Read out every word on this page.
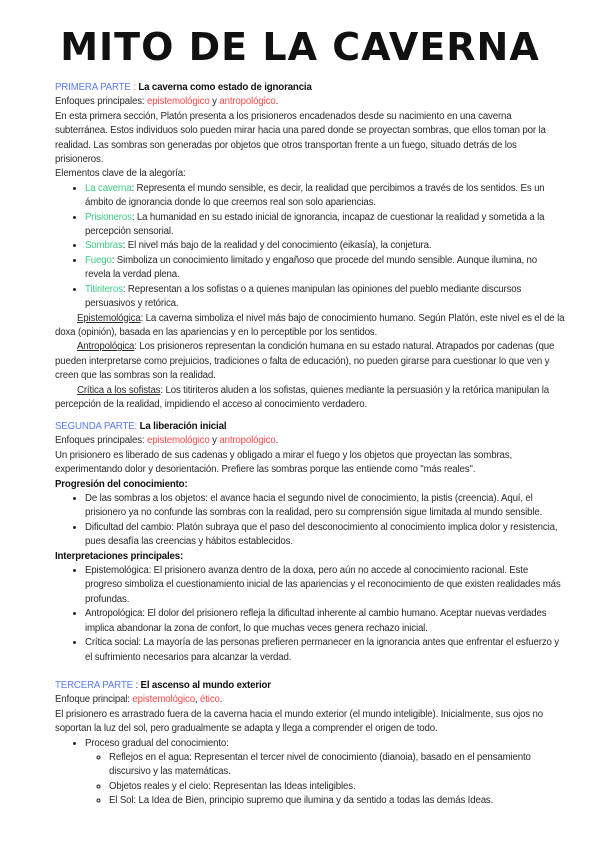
MITO DE LA CAVERNA

PRIMERA PARTE : La caverna como estado de ignorancia

Enfoques principales: epistemológico y antropológico.

En esta primera sección, Platón presenta a los prisioneros encadenados desde su nacimiento en una caverna subterránea. Estos individuos solo pueden mirar hacia una pared donde se proyectan sombras, que ellos toman por la realidad. Las sombras son generadas por objetos que otros transportan frente a un fuego, situado detrás de los prisioneros.

Elementos clave de la alegoría:

• La caverna: Representa el mundo sensible, es decir, la realidad que percibimos a través de los sentidos. Es un ámbito de ignorancia donde lo que creemos real son solo apariencias.
• Prisioneros: La humanidad en su estado inicial de ignorancia, incapaz de cuestionar la realidad y sometida a la percepción sensorial.
• Sombras: El nivel más bajo de la realidad y del conocimiento (eikasía), la conjetura.
• Fuego: Simboliza un conocimiento limitado y engañoso que procede del mundo sensible. Aunque ilumina, no revela la verdad plena.
• Titiriteros: Representan a los sofistas o a quienes manipulan las opiniones del pueblo mediante discursos persuasivos y retórica.

Epistemológica: La caverna simboliza el nivel más bajo de conocimiento humano. Según Platón, este nivel es el de la doxa (opinión), basada en las apariencias y en lo perceptible por los sentidos.

Antropológica: Los prisioneros representan la condición humana en su estado natural. Atrapados por cadenas (que pueden interpretarse como prejuicios, tradiciones o falta de educación), no pueden girarse para cuestionar lo que ven y creen que las sombras son la realidad.

Crítica a los sofistas: Los titiriteros aluden a los sofistas, quienes mediante la persuasión y la retórica manipulan la percepción de la realidad, impidiendo el acceso al conocimiento verdadero.

SEGUNDA PARTE: La liberación inicial

Enfoques principales: epistemológico y antropológico.

Un prisionero es liberado de sus cadenas y obligado a mirar el fuego y los objetos que proyectan las sombras, experimentando dolor y desorientación. Prefiere las sombras porque las entiende como "más reales".

Progresión del conocimiento:

• De las sombras a los objetos: el avance hacia el segundo nivel de conocimiento, la pistis (creencia). Aquí, el prisionero ya no confunde las sombras con la realidad, pero su comprensión sigue limitada al mundo sensible.
• Dificultad del cambio: Platón subraya que el paso del desconocimiento al conocimiento implica dolor y resistencia, pues desafía las creencias y hábitos establecidos.

Interpretaciones principales:

• Epistemológica: El prisionero avanza dentro de la doxa, pero aún no accede al conocimiento racional. Este progreso simboliza el cuestionamiento inicial de las apariencias y el reconocimiento de que existen realidades más profundas.
• Antropológica: El dolor del prisionero refleja la dificultad inherente al cambio humano. Aceptar nuevas verdades implica abandonar la zona de confort, lo que muchas veces genera rechazo inicial.
• Crítica social: La mayoría de las personas prefieren permanecer en la ignorancia antes que enfrentar el esfuerzo y el sufrimiento necesarios para alcanzar la verdad.

TERCERA PARTE : El ascenso al mundo exterior

Enfoque principal: epistemológico, ético.

El prisionero es arrastrado fuera de la caverna hacia el mundo exterior (el mundo inteligible). Inicialmente, sus ojos no soportan la luz del sol, pero gradualmente se adapta y llega a comprender el origen de todo.

• Proceso gradual del conocimiento:
◦ Reflejos en el agua: Representan el tercer nivel de conocimiento (dianoia), basado en el pensamiento discursivo y las matemáticas.
◦ Objetos reales y el cielo: Representan las Ideas inteligibles.
◦ El Sol: La Idea de Bien, principio supremo que ilumina y da sentido a todas las demás Ideas.
